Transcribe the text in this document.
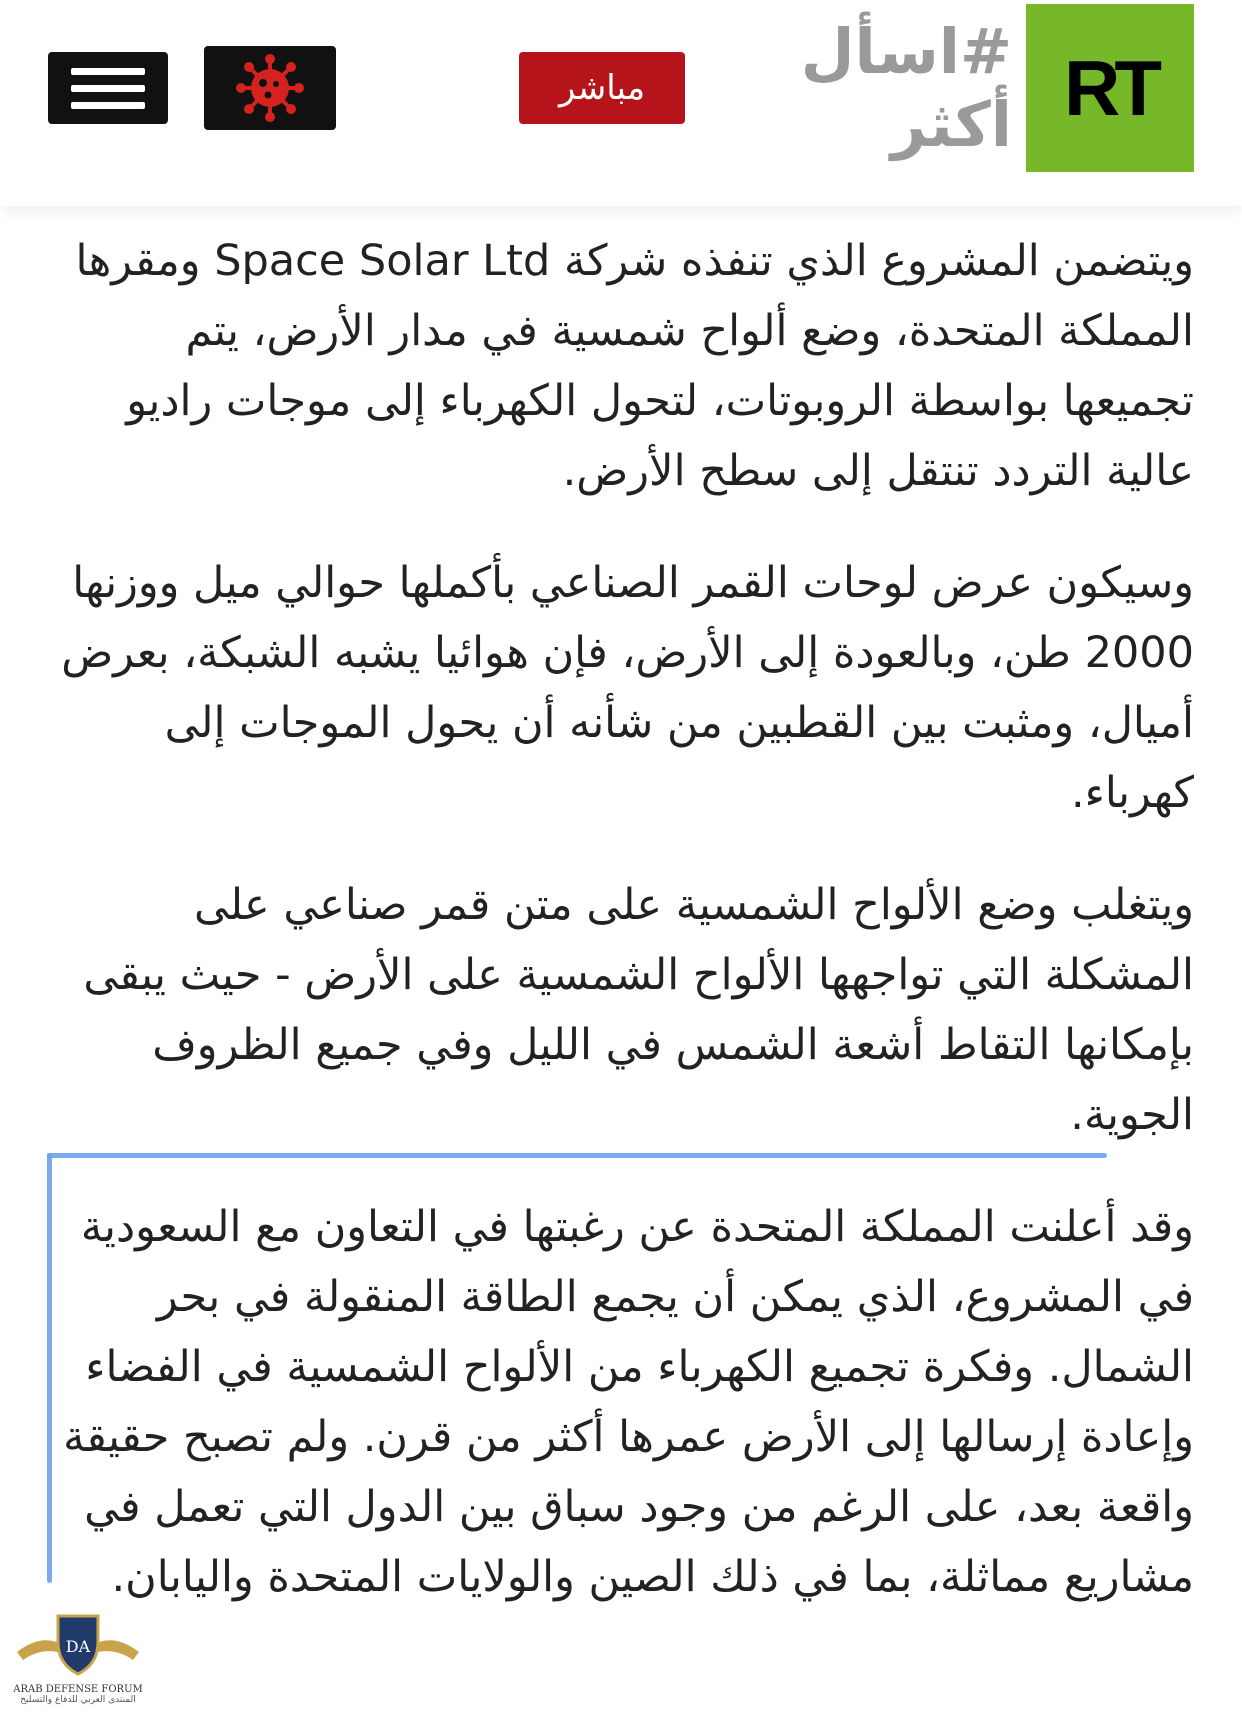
مباشر	#اسأل أكثر RT

ويتضمن المشروع الذي تنفذه شركة Space Solar Ltd ومقرها المملكة المتحدة، وضع ألواح شمسية في مدار الأرض، يتم تجميعها بواسطة الروبوتات، لتحول الكهرباء إلى موجات راديو عالية التردد تنتقل إلى سطح الأرض.

وسيكون عرض لوحات القمر الصناعي بأكملها حوالي ميل ووزنها 2000 طن، وبالعودة إلى الأرض، فإن هوائيا يشبه الشبكة، بعرض أميال، ومثبت بين القطبين من شأنه أن يحول الموجات إلى كهرباء.

ويتغلب وضع الألواح الشمسية على متن قمر صناعي على المشكلة التي تواجهها الألواح الشمسية على الأرض - حيث يبقى بإمكانها التقاط أشعة الشمس في الليل وفي جميع الظروف الجوية.

وقد أعلنت المملكة المتحدة عن رغبتها في التعاون مع السعودية في المشروع، الذي يمكن أن يجمع الطاقة المنقولة في بحر الشمال. وفكرة تجميع الكهرباء من الألواح الشمسية في الفضاء وإعادة إرسالها إلى الأرض عمرها أكثر من قرن. ولم تصبح حقيقة واقعة بعد، على الرغم من وجود سباق بين الدول التي تعمل في مشاريع مماثلة، بما في ذلك الصين والولايات المتحدة واليابان.

DA
ARAB DEFENSE FORUM
المنتدى العربي للدفاع والتسليح
